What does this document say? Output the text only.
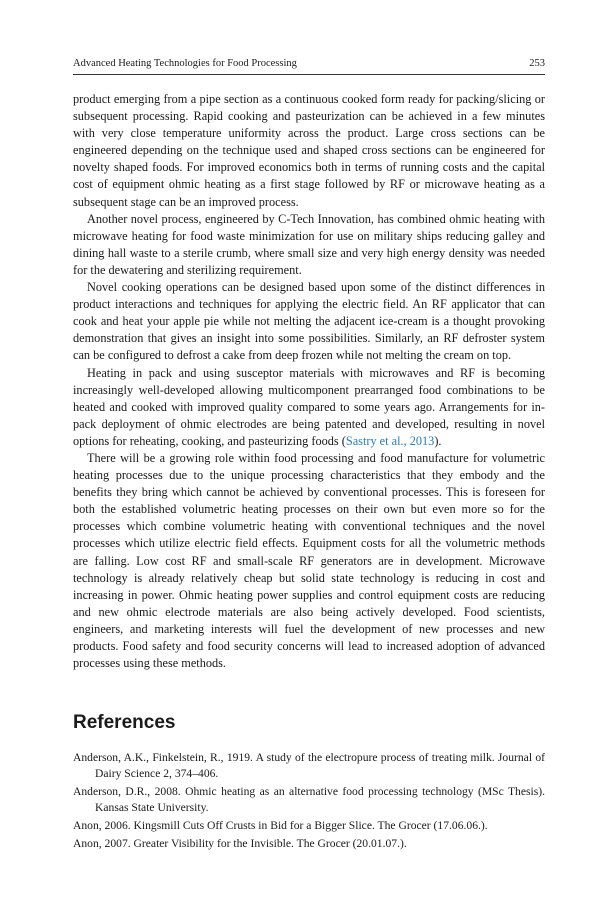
Advanced Heating Technologies for Food Processing	253

product emerging from a pipe section as a continuous cooked form ready for packing/slicing or subsequent processing. Rapid cooking and pasteurization can be achieved in a few minutes with very close temperature uniformity across the product. Large cross sections can be engineered depending on the technique used and shaped cross sections can be engineered for novelty shaped foods. For improved economics both in terms of running costs and the capital cost of equipment ohmic heating as a first stage followed by RF or microwave heating as a subsequent stage can be an improved process.

Another novel process, engineered by C-Tech Innovation, has combined ohmic heating with microwave heating for food waste minimization for use on military ships reducing galley and dining hall waste to a sterile crumb, where small size and very high energy density was needed for the dewatering and sterilizing requirement.

Novel cooking operations can be designed based upon some of the distinct differences in product interactions and techniques for applying the electric field. An RF applicator that can cook and heat your apple pie while not melting the adjacent ice-cream is a thought provoking demonstration that gives an insight into some possibilities. Similarly, an RF defroster system can be configured to defrost a cake from deep frozen while not melting the cream on top.

Heating in pack and using susceptor materials with microwaves and RF is becoming increasingly well-developed allowing multicomponent prearranged food combinations to be heated and cooked with improved quality compared to some years ago. Arrangements for in-pack deployment of ohmic electrodes are being patented and developed, resulting in novel options for reheating, cooking, and pasteurizing foods (Sastry et al., 2013).

There will be a growing role within food processing and food manufacture for volumetric heating processes due to the unique processing characteristics that they embody and the benefits they bring which cannot be achieved by conventional processes. This is foreseen for both the established volumetric heating processes on their own but even more so for the processes which combine volumetric heating with conventional techniques and the novel processes which utilize electric field effects. Equipment costs for all the volumetric methods are falling. Low cost RF and small-scale RF generators are in development. Microwave technology is already relatively cheap but solid state technology is reducing in cost and increasing in power. Ohmic heating power supplies and control equipment costs are reducing and new ohmic electrode materials are also being actively developed. Food scientists, engineers, and marketing interests will fuel the development of new processes and new products. Food safety and food security concerns will lead to increased adoption of advanced processes using these methods.

References
Anderson, A.K., Finkelstein, R., 1919. A study of the electropure process of treating milk. Journal of Dairy Science 2, 374–406.
Anderson, D.R., 2008. Ohmic heating as an alternative food processing technology (MSc Thesis). Kansas State University.
Anon, 2006. Kingsmill Cuts Off Crusts in Bid for a Bigger Slice. The Grocer (17.06.06.).
Anon, 2007. Greater Visibility for the Invisible. The Grocer (20.01.07.).
